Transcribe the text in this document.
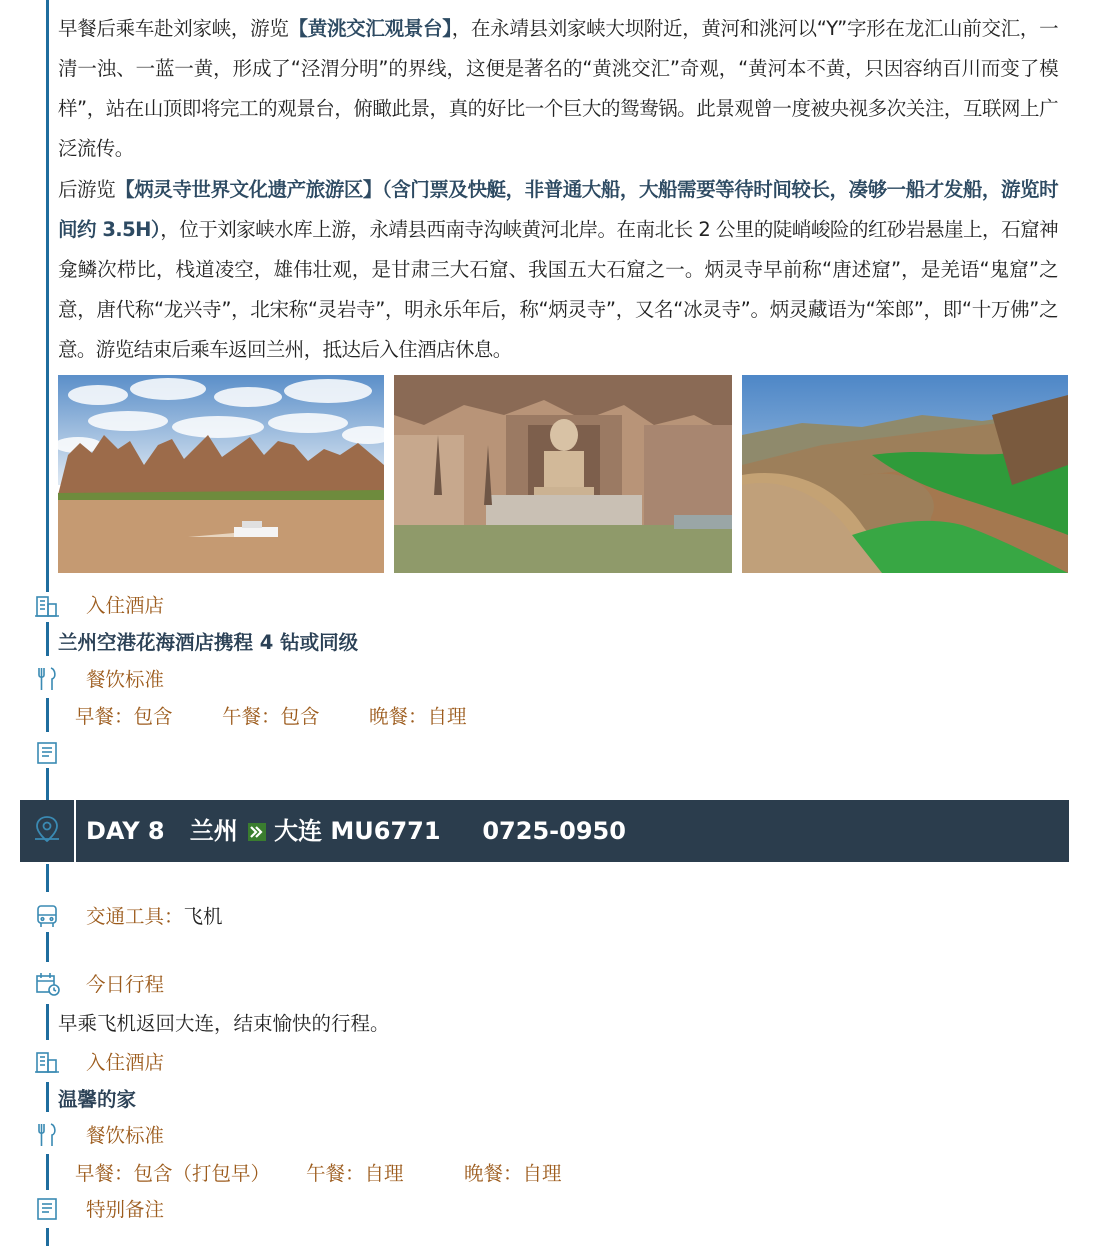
早餐后乘车赴刘家峡，游览【黄洮交汇观景台】，在永靖县刘家峡大坝附近，黄河和洮河以“Y”字形在龙汇山前交汇，一清一浊、一蓝一黄，形成了“泾渭分明”的界线，这便是著名的“黄洮交汇”奇观，“黄河本不黄，只因容纳百川而变了模样”，站在山顶即将完工的观景台，俯瞰此景，真的好比一个巨大的鸳鸯锅。此景观曾一度被央视多次关注，互联网上广泛流传。
后游览【炳灵寺世界文化遗产旅游区】（含门票及快艇，非普通大船，大船需要等待时间较长，凑够一船才发船，游览时间约 3.5H），位于刘家峡水库上游，永靖县西南寺沟峡黄河北岸。在南北长 2 公里的陡峭峻险的红砂岩悬崖上，石窟神龛鳞次栉比，栈道凌空，雄伟壮观，是甘肃三大石窟、我国五大石窟之一。炳灵寺早前称“唐述窟”，是羌语“鬼窟”之意，唐代称“龙兴寺”，北宋称“灵岩寺”，明永乐年后，称“炳灵寺”，又名“冰灵寺”。炳灵藏语为“笨郎”，即“十万佛”之意。游览结束后乘车返回兰州，抵达后入住酒店休息。
入住酒店
兰州空港花海酒店携程 4 钻或同级
餐饮标准
早餐：包含	午餐：包含	晚餐：自理
DAY 8   兰州 大连 MU6771     0725-0950
交通工具：飞机
今日行程
早乘飞机返回大连，结束愉快的行程。
入住酒店
温馨的家
餐饮标准
早餐：包含（打包早） 午餐：自理	晚餐：自理
特别备注
